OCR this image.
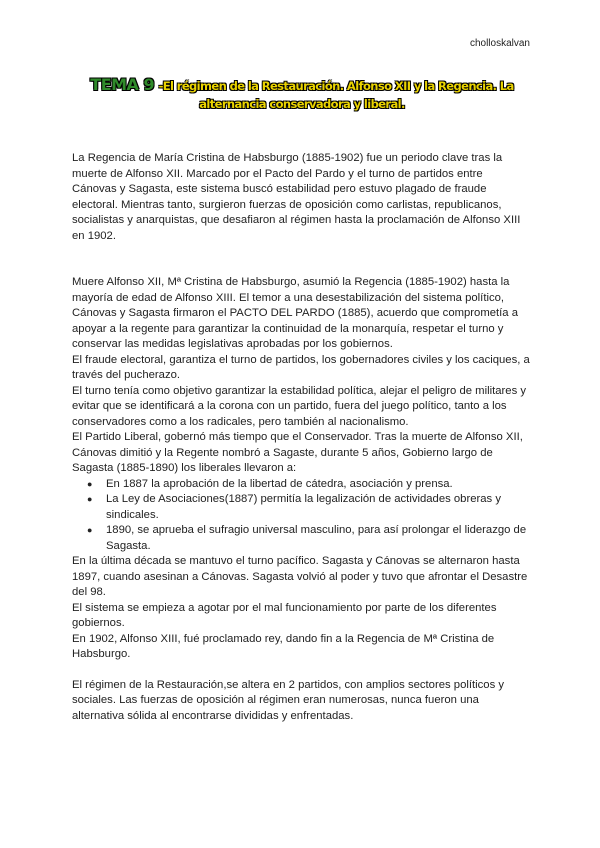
cholloskalvan
TEMA 9 -El régimen de la Restauración. Alfonso XII y la Regencia. La alternancia conservadora y liberal.

La Regencia de María Cristina de Habsburgo (1885-1902) fue un periodo clave tras la muerte de Alfonso XII. Marcado por el Pacto del Pardo y el turno de partidos entre Cánovas y Sagasta, este sistema buscó estabilidad pero estuvo plagado de fraude electoral. Mientras tanto, surgieron fuerzas de oposición como carlistas, republicanos, socialistas y anarquistas, que desafiaron al régimen hasta la proclamación de Alfonso XIII en 1902.

Muere Alfonso XII, Mª Cristina de Habsburgo, asumió la Regencia (1885-1902) hasta la mayoría de edad de Alfonso XIII. El temor a una desestabilización del sistema político, Cánovas y Sagasta firmaron el PACTO DEL PARDO (1885), acuerdo que comprometía a apoyar a la regente para garantizar la continuidad de la monarquía, respetar el turno y conservar las medidas legislativas aprobadas por los gobiernos.

El fraude electoral, garantiza el turno de partidos, los gobernadores civiles y los caciques, a través del pucherazo.

El turno tenía como objetivo garantizar la estabilidad política, alejar el peligro de militares y evitar que se identificará a la corona con un partido, fuera del juego político, tanto a los conservadores como a los radicales, pero también al nacionalismo.

El Partido Liberal, gobernó más tiempo que el Conservador. Tras la muerte de Alfonso XII, Cánovas dimitió y la Regente nombró a Sagaste, durante 5 años, Gobierno largo de Sagasta (1885-1890) los liberales llevaron a:

● En 1887 la aprobación de la libertad de cátedra, asociación y prensa.
● La Ley de Asociaciones(1887) permitía la legalización de actividades obreras y sindicales.
● 1890, se aprueba el sufragio universal masculino, para así prolongar el liderazgo de Sagasta.

En la última década se mantuvo el turno pacífico. Sagasta y Cánovas se alternaron hasta 1897, cuando asesinan a Cánovas. Sagasta volvió al poder y tuvo que afrontar el Desastre del 98.

El sistema se empieza a agotar por el mal funcionamiento por parte de los diferentes gobiernos.

En 1902, Alfonso XIII, fué proclamado rey, dando fin a la Regencia de Mª Cristina de Habsburgo.

El régimen de la Restauración,se altera en 2 partidos, con amplios sectores políticos y sociales. Las fuerzas de oposición al régimen eran numerosas, nunca fueron una alternativa sólida al encontrarse divididas y enfrentadas.
